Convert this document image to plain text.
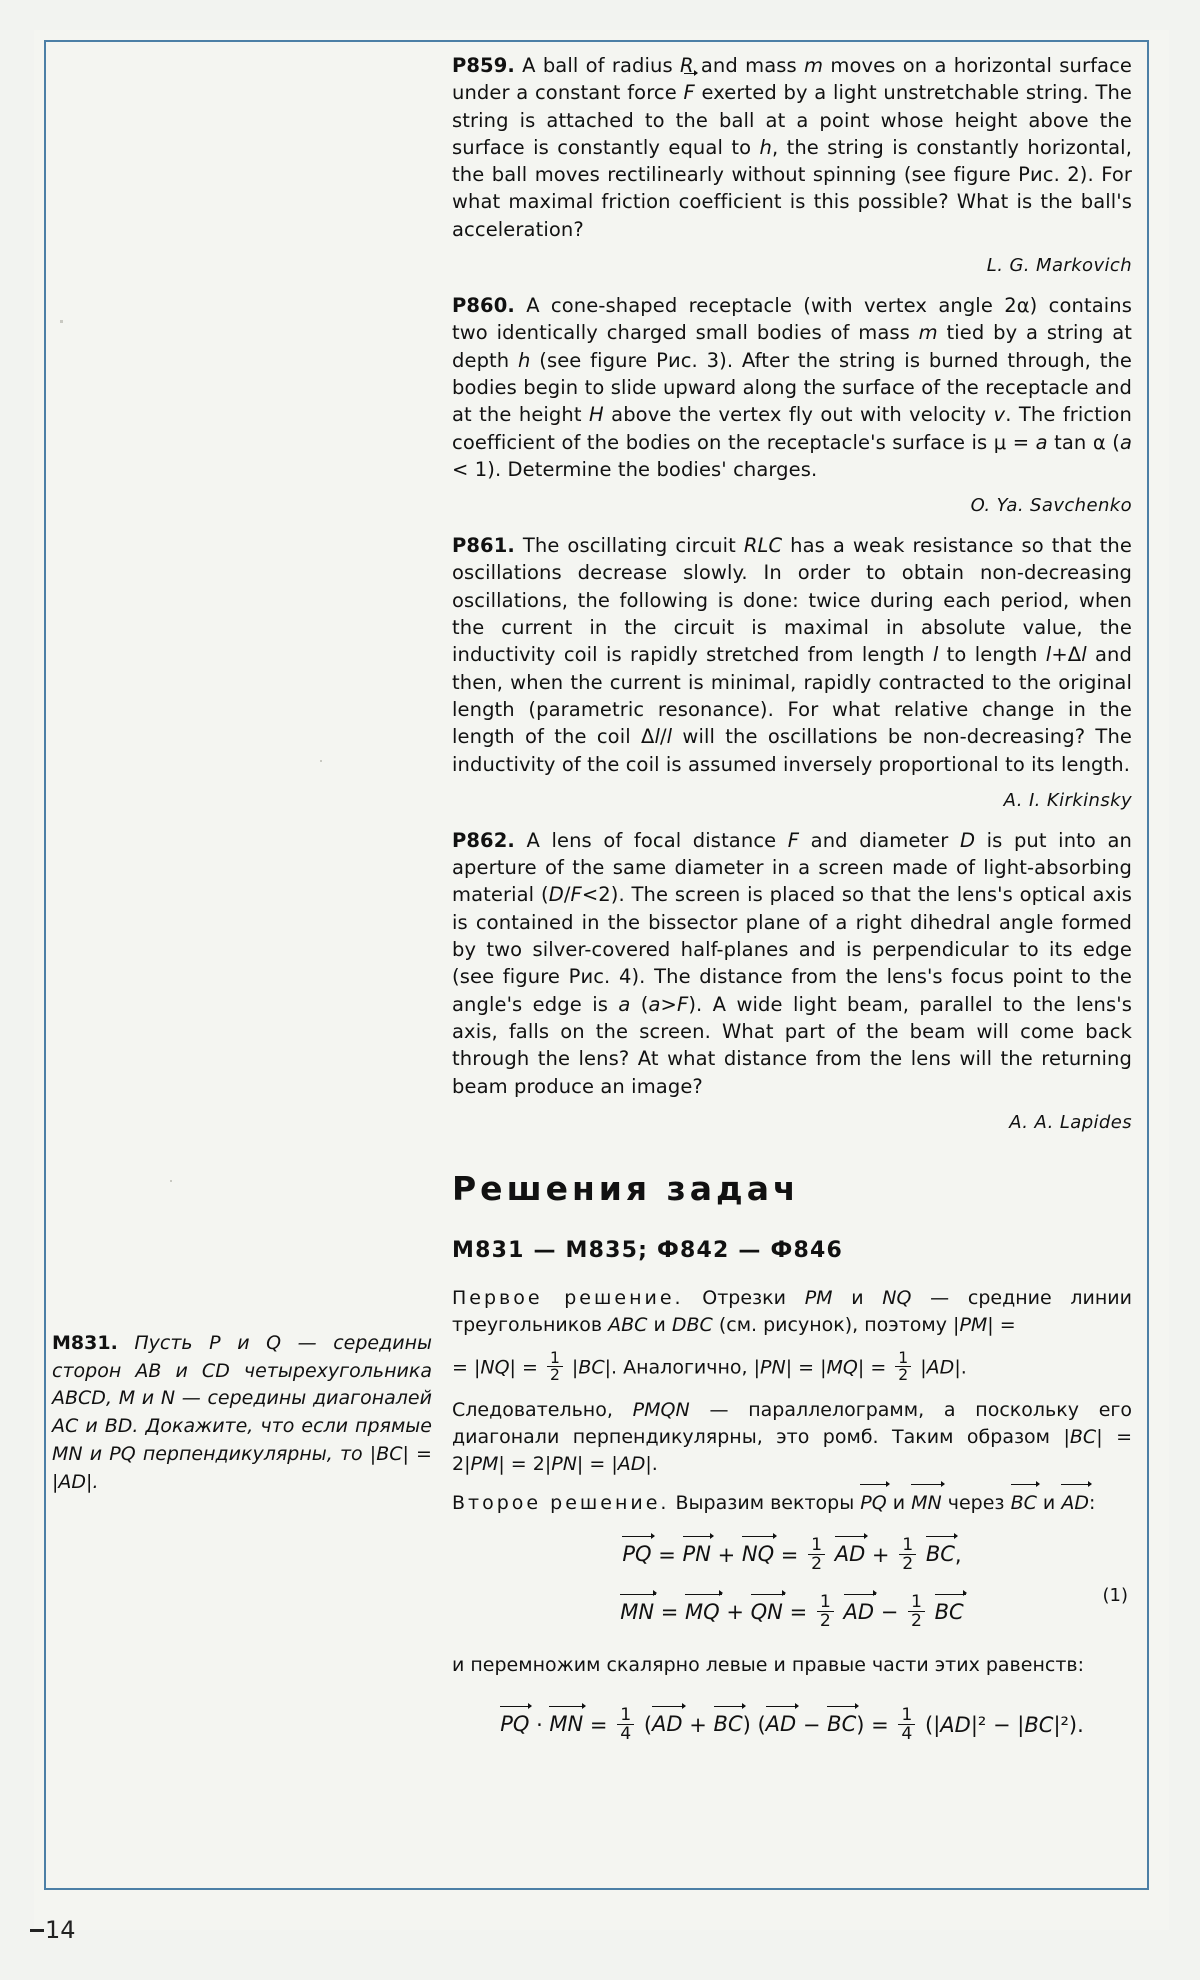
P859. A ball of radius R and mass m moves on a horizontal surface under a constant force F exerted by a light unstretchable string. The string is attached to the ball at a point whose height above the surface is constantly equal to h, the string is constantly horizontal, the ball moves rectilinearly without spinning (see figure Рис. 2). For what maximal friction coefficient is this possible? What is the ball's acceleration?
L. G. Markovich
P860. A cone-shaped receptacle (with vertex angle 2α) contains two identically charged small bodies of mass m tied by a string at depth h (see figure Рис. 3). After the string is burned through, the bodies begin to slide upward along the surface of the receptacle and at the height H above the vertex fly out with velocity v. The friction coefficient of the bodies on the receptacle's surface is μ = a tan α (a < 1). Determine the bodies' charges.
O. Ya. Savchenko
P861. The oscillating circuit RLC has a weak resistance so that the oscillations decrease slowly. In order to obtain non-decreasing oscillations, the following is done: twice during each period, when the current in the circuit is maximal in absolute value, the inductivity coil is rapidly stretched from length l to length l+Δl and then, when the current is minimal, rapidly contracted to the original length (parametric resonance). For what relative change in the length of the coil Δl/l will the oscillations be non-decreasing? The inductivity of the coil is assumed inversely proportional to its length.
A. I. Kirkinsky
P862. A lens of focal distance F and diameter D is put into an aperture of the same diameter in a screen made of light-absorbing material (D/F<2). The screen is placed so that the lens's optical axis is contained in the bissector plane of a right dihedral angle formed by two silver-covered half-planes and is perpendicular to its edge (see figure Рис. 4). The distance from the lens's focus point to the angle's edge is a (a>F). A wide light beam, parallel to the lens's axis, falls on the screen. What part of the beam will come back through the lens? At what distance from the lens will the returning beam produce an image?
A. A. Lapides
Решения задач
М831 — М835; Ф842 — Ф846
Первое решение. Отрезки PM и NQ — средние линии треугольников ABC и DBC (см. рисунок), поэтому |PM| =
= $|NQ| = \frac{1}{2} |BC|$. Аналогично, $|PN| = |MQ| = \frac{1}{2} |AD|$.
Следовательно, PMQN — параллелограмм, а поскольку его диагонали перпендикулярны, это ромб. Таким образом |BC| = 2|PM| = 2|PN| = |AD|.
Второе решение. Выразим векторы PQ и MN через BC и AD:
PQ = PN + NQ = $\frac{1}{2}$ AD + $\frac{1}{2}$ BC,
MN = MQ + QN = $\frac{1}{2}$ AD − $\frac{1}{2}$ BC
(1)
и перемножим скалярно левые и правые части этих равенств:
PQ · MN = $\frac{1}{4} (AD + BC) (AD - BC) = \frac{1}{4} (|AD|^2 - |BC|^2)$.
М831. Пусть P и Q — середины сторон AB и CD четырехугольника ABCD, M и N — середины диагоналей AC и BD. Докажите, что если прямые MN и PQ перпендикулярны, то |BC| = |AD|.
14
